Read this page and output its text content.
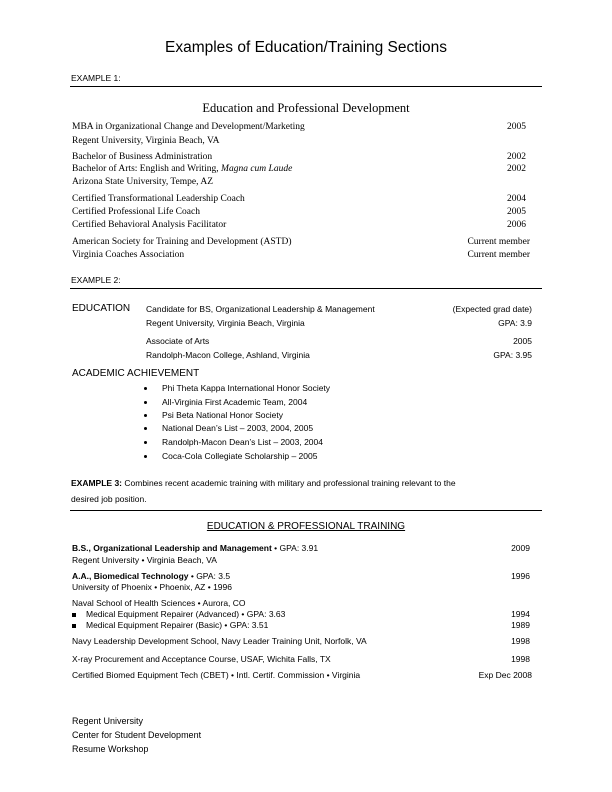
Examples of Education/Training Sections
EXAMPLE 1:
Education and Professional Development
MBA in Organizational Change and Development/Marketing	2005
Regent University, Virginia Beach, VA
Bachelor of Business Administration	2002
Bachelor of Arts: English and Writing, Magna cum Laude	2002
Arizona State University, Tempe, AZ
Certified Transformational Leadership Coach	2004
Certified Professional Life Coach	2005
Certified Behavioral Analysis Facilitator	2006
American Society for Training and Development (ASTD)	Current member
Virginia Coaches Association	Current member
EXAMPLE 2:
EDUCATION Candidate for BS, Organizational Leadership & Management	(Expected grad date)
Regent University, Virginia Beach, Virginia	GPA: 3.9
Associate of Arts	2005
Randolph-Macon College, Ashland, Virginia	GPA: 3.95
ACADEMIC ACHIEVEMENT
Phi Theta Kappa International Honor Society
All-Virginia First Academic Team, 2004
Psi Beta National Honor Society
National Dean’s List – 2003, 2004, 2005
Randolph-Macon Dean’s List – 2003, 2004
Coca-Cola Collegiate Scholarship – 2005
EXAMPLE 3: Combines recent academic training with military and professional training relevant to the
desired job position.
EDUCATION & PROFESSIONAL TRAINING
B.S., Organizational Leadership and Management • GPA: 3.91	2009
Regent University • Virginia Beach, VA
A.A., Biomedical Technology • GPA: 3.5	1996
University of Phoenix • Phoenix, AZ • 1996
Naval School of Health Sciences • Aurora, CO
Medical Equipment Repairer (Advanced) • GPA: 3.63	1994
Medical Equipment Repairer (Basic) • GPA: 3.51	1989
Navy Leadership Development School, Navy Leader Training Unit, Norfolk, VA	1998
X-ray Procurement and Acceptance Course, USAF, Wichita Falls, TX	1998
Certified Biomed Equipment Tech (CBET) • Intl. Certif. Commission • Virginia	Exp Dec 2008
Regent University
Center for Student Development
Resume Workshop
